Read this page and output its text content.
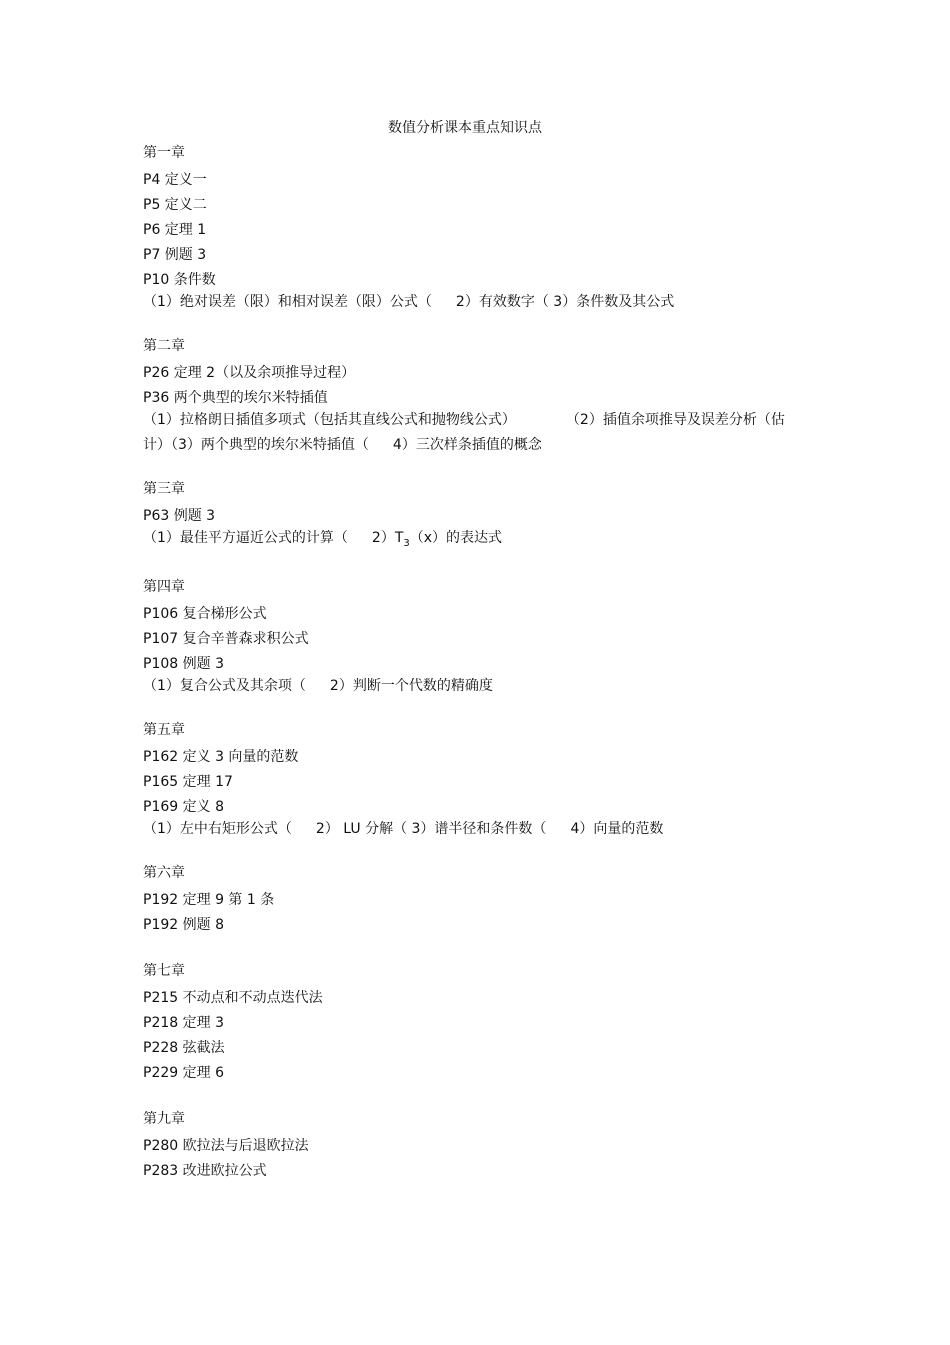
数值分析课本重点知识点
第一章
P4 定义一
P5 定义二
P6 定理 1
P7 例题 3
P10 条件数
（1）绝对误差（限）和相对误差（限）公式（ 2）有效数字（ 3）条件数及其公式
第二章
P26 定理 2（以及余项推导过程）
P36 两个典型的埃尔米特插值
（1）拉格朗日插值多项式（包括其直线公式和抛物线公式）	（2）插值余项推导及误差分析（估计）（3）两个典型的埃尔米特插值（ 4）三次样条插值的概念
第三章
P63 例题 3
（1）最佳平方逼近公式的计算（ $2)T_3(x)$的表达式
第四章
P106 复合梯形公式
P107 复合辛普森求积公式
P108 例题 3
（1）复合公式及其余项（ 2）判断一个代数的精确度
第五章
P162 定义 3 向量的范数
P165 定理 17
P169 定义 8
（1）左中右矩形公式（ 2） LU 分解（ 3）谱半径和条件数（ 4）向量的范数
第六章
P192 定理 9 第 1 条
P192 例题 8
第七章
P215 不动点和不动点迭代法
P218 定理 3
P228 弦截法
P229 定理 6
第九章
P280 欧拉法与后退欧拉法
P283 改进欧拉公式
